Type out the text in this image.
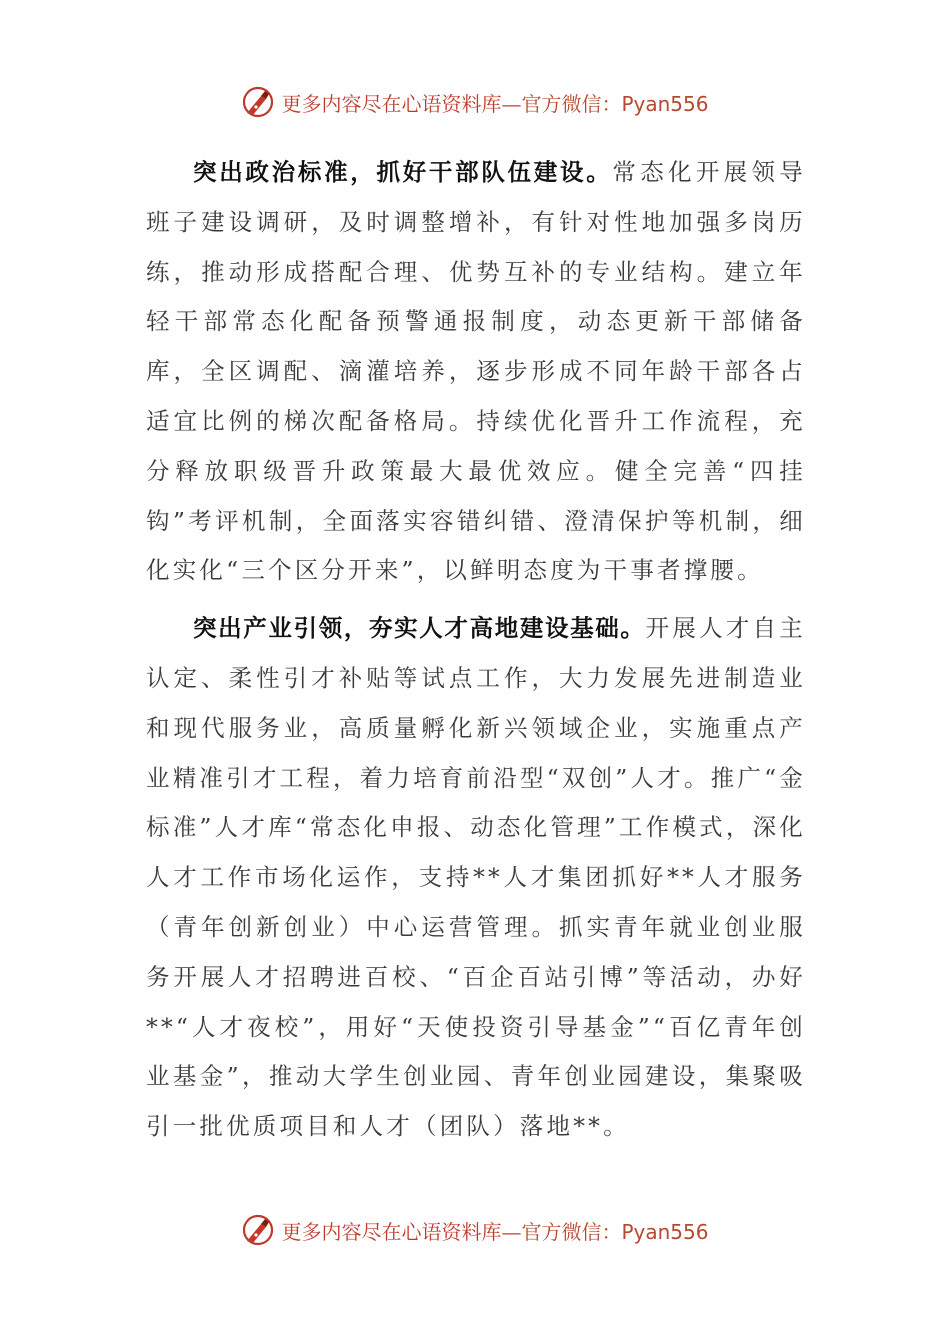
更多内容尽在心语资料库—官方微信：Pyan556

突出政治标准，抓好干部队伍建设。常态化开展领导班子建设调研，及时调整增补，有针对性地加强多岗历练，推动形成搭配合理、优势互补的专业结构。建立年轻干部常态化配备预警通报制度，动态更新干部储备库，全区调配、滴灌培养，逐步形成不同年龄干部各占适宜比例的梯次配备格局。持续优化晋升工作流程，充分释放职级晋升政策最大最优效应。健全完善“四挂钩”考评机制，全面落实容错纠错、澄清保护等机制，细化实化“三个区分开来”，以鲜明态度为干事者撑腰。

突出产业引领，夯实人才高地建设基础。开展人才自主认定、柔性引才补贴等试点工作，大力发展先进制造业和现代服务业，高质量孵化新兴领域企业，实施重点产业精准引才工程，着力培育前沿型“双创”人才。推广“金标准”人才库“常态化申报、动态化管理”工作模式，深化人才工作市场化运作，支持**人才集团抓好**人才服务（青年创新创业）中心运营管理。抓实青年就业创业服务开展人才招聘进百校、“百企百站引博”等活动，办好**“人才夜校”，用好“天使投资引导基金”“百亿青年创业基金”，推动大学生创业园、青年创业园建设，集聚吸引一批优质项目和人才（团队）落地**。

更多内容尽在心语资料库—官方微信：Pyan556
